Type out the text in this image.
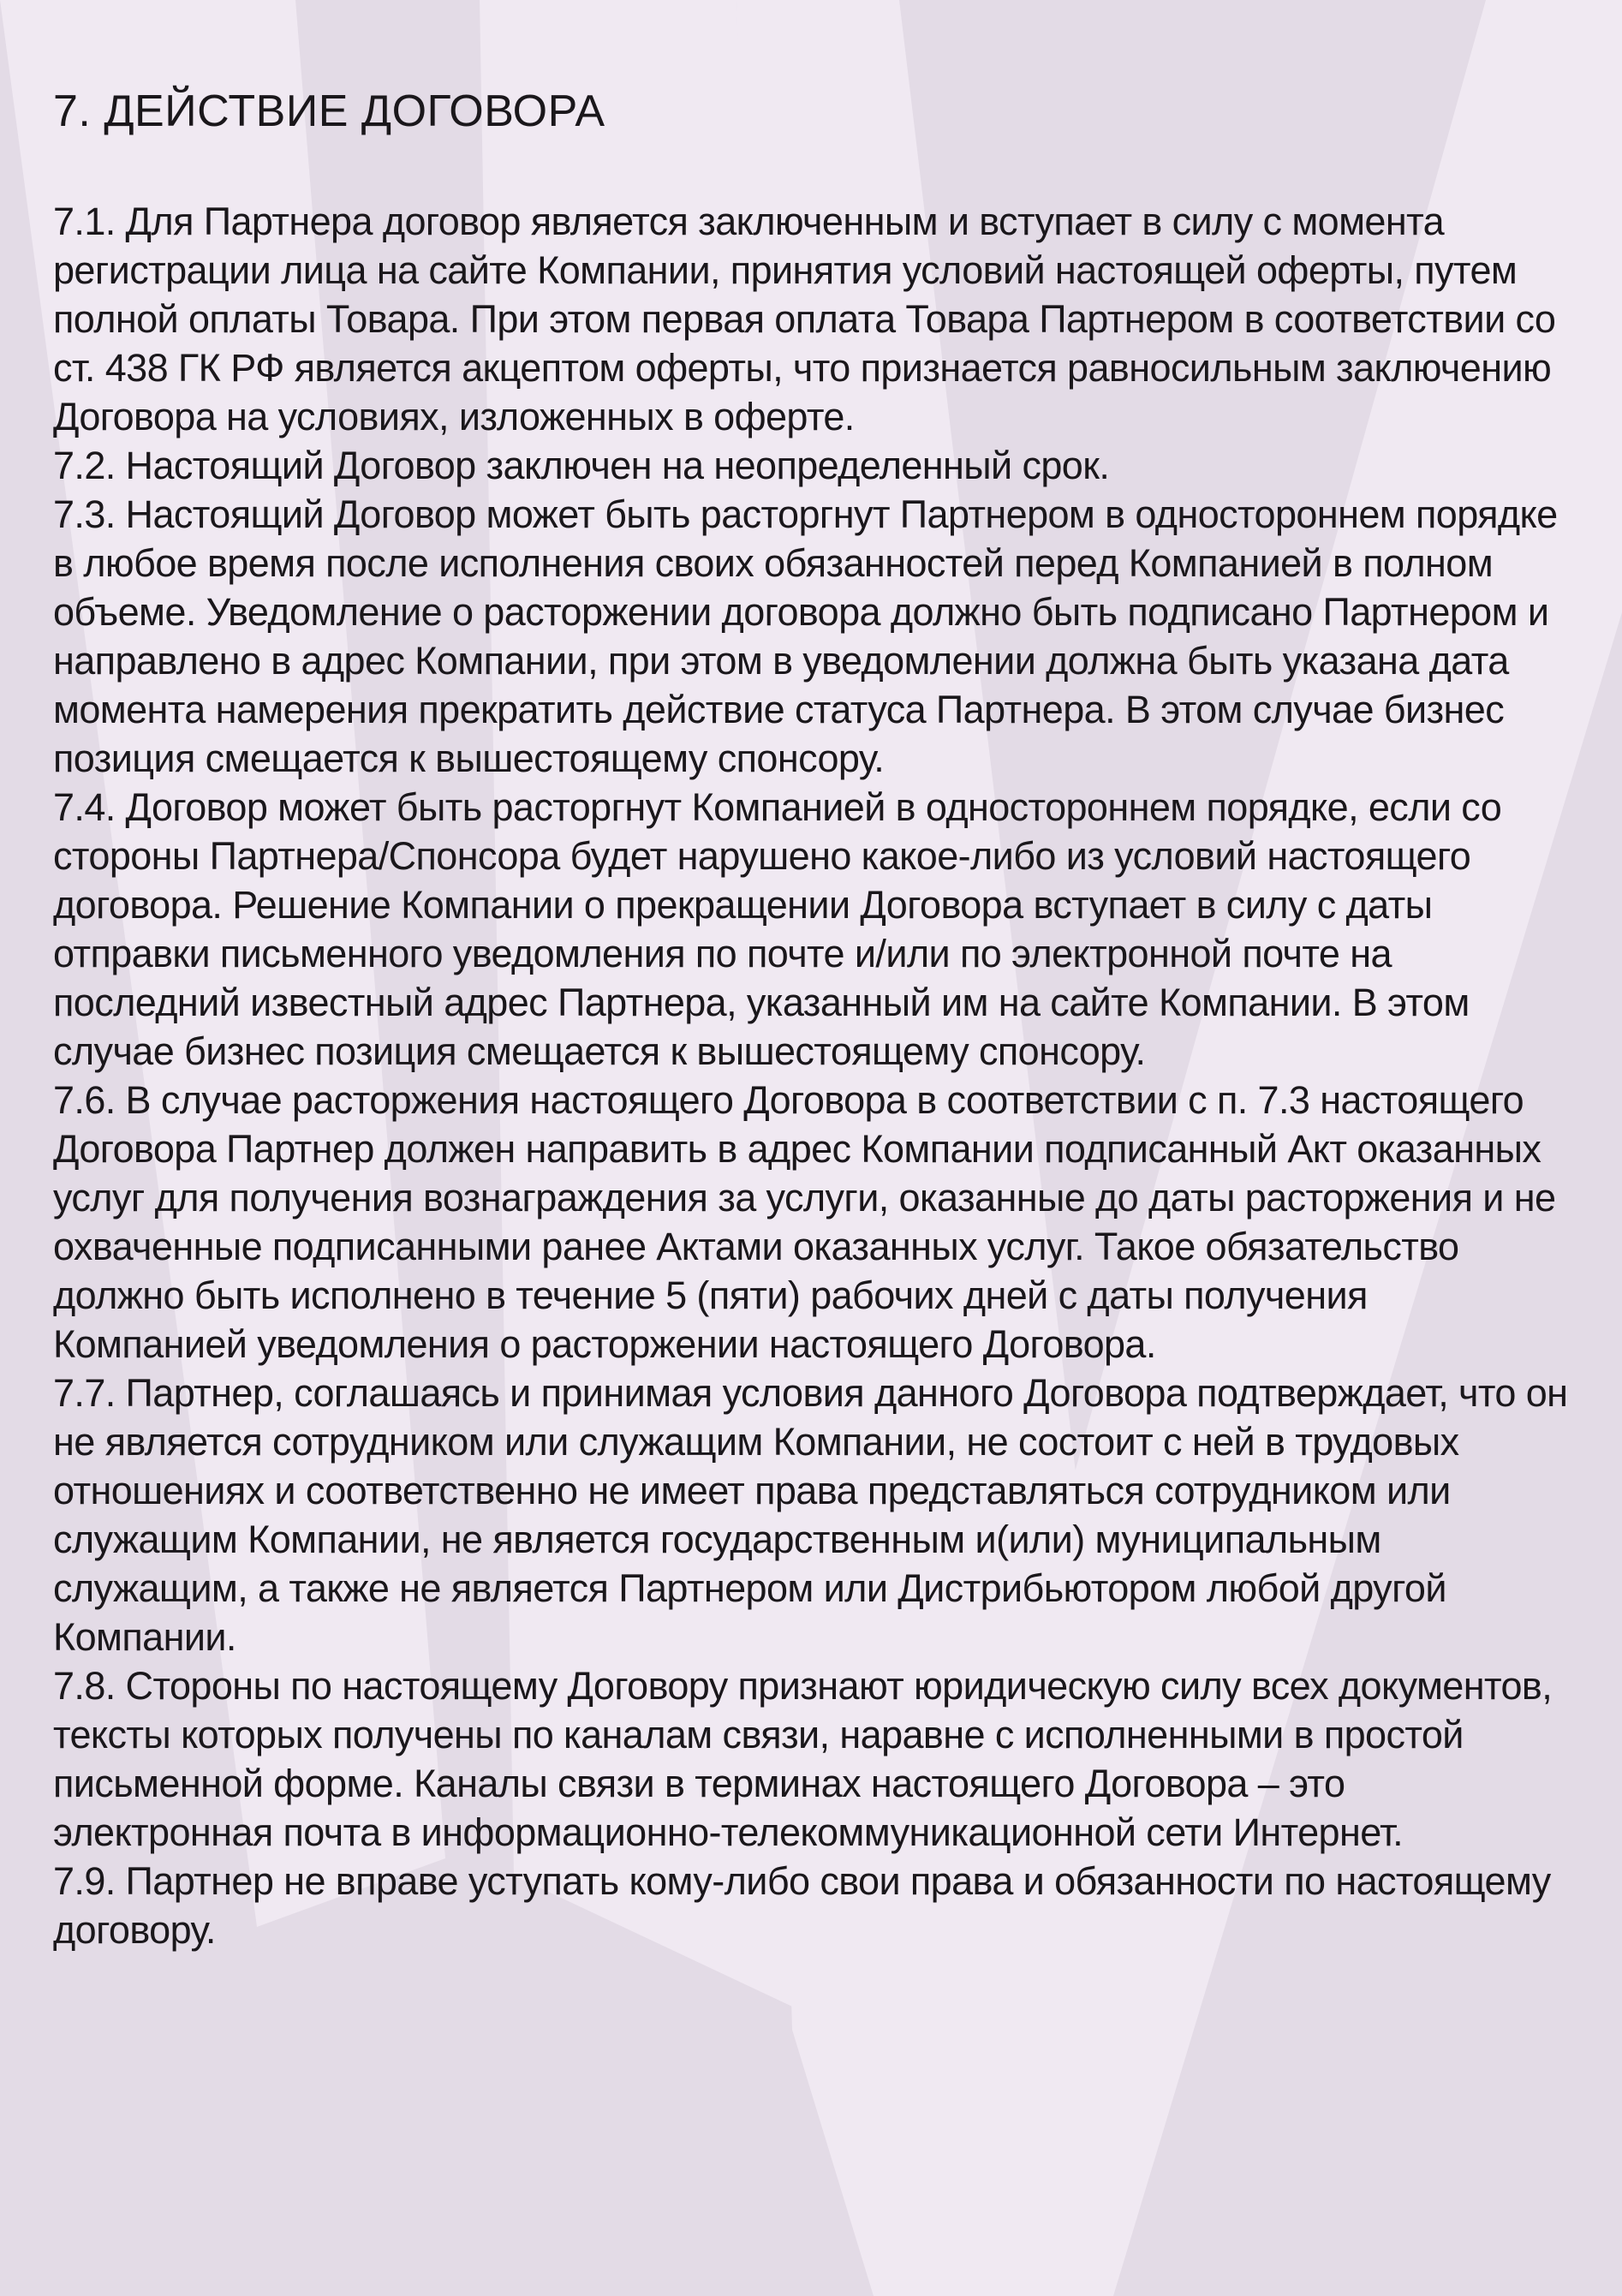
7. ДЕЙСТВИЕ ДОГОВОРА

7.1. Для Партнера договор является заключенным и вступает в силу с момента регистрации лица на сайте Компании, принятия условий настоящей оферты, путем полной оплаты Товара. При этом первая оплата Товара Партнером в соответствии со ст. 438 ГК РФ является акцептом оферты, что признается равносильным заключению Договора на условиях, изложенных в оферте.

7.2. Настоящий Договор заключен на неопределенный срок.

7.3. Настоящий Договор может быть расторгнут Партнером в одностороннем порядке в любое время после исполнения своих обязанностей перед Компанией в полном объеме. Уведомление о расторжении договора должно быть подписано Партнером и направлено в адрес Компании, при этом в уведомлении должна быть указана дата момента намерения прекратить действие статуса Партнера. В этом случае бизнес позиция смещается к вышестоящему спонсору.

7.4. Договор может быть расторгнут Компанией в одностороннем порядке, если со стороны Партнера/Спонсора будет нарушено какое-либо из условий настоящего договора. Решение Компании о прекращении Договора вступает в силу с даты отправки письменного уведомления по почте и/или по электронной почте на последний известный адрес Партнера, указанный им на сайте Компании. В этом случае бизнес позиция смещается к вышестоящему спонсору.

7.6. В случае расторжения настоящего Договора в соответствии с п. 7.3 настоящего Договора Партнер должен направить в адрес Компании подписанный Акт оказанных услуг для получения вознаграждения за услуги, оказанные до даты расторжения и не охваченные подписанными ранее Актами оказанных услуг. Такое обязательство должно быть исполнено в течение 5 (пяти) рабочих дней с даты получения Компанией уведомления о расторжении настоящего Договора.

7.7. Партнер, соглашаясь и принимая условия данного Договора подтверждает, что он не является сотрудником или служащим Компании, не состоит с ней в трудовых отношениях и соответственно не имеет права представляться сотрудником или служащим Компании, не является государственным и(или) муниципальным служащим, а также не является Партнером или Дистрибьютором любой другой Компании.

7.8. Стороны по настоящему Договору признают юридическую силу всех документов, тексты которых получены по каналам связи, наравне с исполненными в простой письменной форме. Каналы связи в терминах настоящего Договора – это электронная почта в информационно-телекоммуникационной сети Интернет.

7.9. Партнер не вправе уступать кому-либо свои права и обязанности по настоящему договору.
